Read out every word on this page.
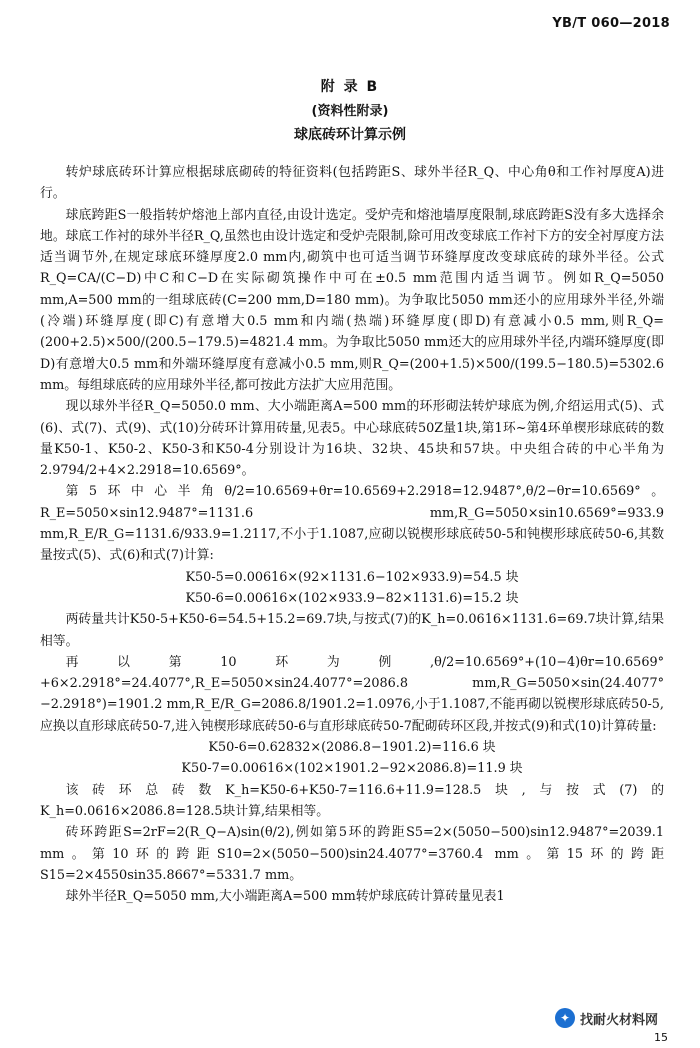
YB/T 060—2018
附 录 B
(资料性附录)
球底砖环计算示例

转炉球底砖环计算应根据球底砌砖的特征资料(包括跨距S、球外半径R_Q、中心角θ和工作衬厚度A)进行。

球底跨距S一般指转炉熔池上部内直径,由设计选定。受炉壳和熔池墙厚度限制,球底跨距S没有多大选择余地。球底工作衬的球外半径R_Q,虽然也由设计选定和受炉壳限制,除可用改变球底工作衬下方的安全衬厚度方法适当调节外,在规定球底环缝厚度2.0 mm内,砌筑中也可适当调节环缝厚度改变球底砖的球外半径。公式R_Q=CA/(C−D)中C和C−D在实际砌筑操作中可在±0.5 mm范围内适当调节。例如R_Q=5050 mm,A=500 mm的一组球底砖(C=200 mm,D=180 mm)。为争取比5050 mm还小的应用球外半径,外端(冷端)环缝厚度(即C)有意增大0.5 mm和内端(热端)环缝厚度(即D)有意减小0.5 mm,则R_Q=(200+2.5)×500/(200.5−179.5)=4821.4 mm。为争取比5050 mm还大的应用球外半径,内端环缝厚度(即D)有意增大0.5 mm和外端环缝厚度有意减小0.5 mm,则R_Q=(200+1.5)×500/(199.5−180.5)=5302.6 mm。每组球底砖的应用球外半径,都可按此方法扩大应用范围。

现以球外半径R_Q=5050.0 mm、大小端距离A=500 mm的环形砌法转炉球底为例,介绍运用式(5)、式(6)、式(7)、式(9)、式(10)分砖环计算用砖量,见表5。中心球底砖50Z量1块,第1环~第4环单楔形球底砖的数量K50-1、K50-2、K50-3和K50-4分别设计为16块、32块、45块和57块。中央组合砖的中心半角为2.9794/2+4×2.2918=10.6569°。

第5环中心半角θ/2=10.6569+θr=10.6569+2.2918=12.9487°,θ/2−θr=10.6569°。R_E=5050×sin12.9487°=1131.6 mm,R_G=5050×sin10.6569°=933.9 mm,R_E/R_G=1131.6/933.9=1.2117,不小于1.1087,应砌以锐楔形球底砖50-5和钝楔形球底砖50-6,其数量按式(5)、式(6)和式(7)计算:

K50-5=0.00616×(92×1131.6−102×933.9)=54.5 块

K50-6=0.00616×(102×933.9−82×1131.6)=15.2 块

两砖量共计K50-5+K50-6=54.5+15.2=69.7块,与按式(7)的K_h=0.0616×1131.6=69.7块计算,结果相等。

再以第10环为例,θ/2=10.6569°+(10−4)θr=10.6569°+6×2.2918°=24.4077°,R_E=5050×sin24.4077°=2086.8 mm,R_G=5050×sin(24.4077°−2.2918°)=1901.2 mm,R_E/R_G=2086.8/1901.2=1.0976,小于1.1087,不能再砌以锐楔形球底砖50-5,应换以直形球底砖50-7,进入钝楔形球底砖50-6与直形球底砖50-7配砌砖环区段,并按式(9)和式(10)计算砖量:

K50-6=0.62832×(2086.8−1901.2)=116.6 块

K50-7=0.00616×(102×1901.2−92×2086.8)=11.9 块

该砖环总砖数K_h=K50-6+K50-7=116.6+11.9=128.5块,与按式(7)的K_h=0.0616×2086.8=128.5块计算,结果相等。

砖环跨距S=2rF=2(R_Q−A)sin(θ/2),例如第5环的跨距S5=2×(5050−500)sin12.9487°=2039.1 mm。第10环的跨距S10=2×(5050−500)sin24.4077°=3760.4 mm。第15环的跨距S15=2×4550sin35.8667°=5331.7 mm。

球外半径R_Q=5050 mm,大小端距离A=500 mm转炉球底砖计算砖量见表1

✦ 找耐火材料网
15
